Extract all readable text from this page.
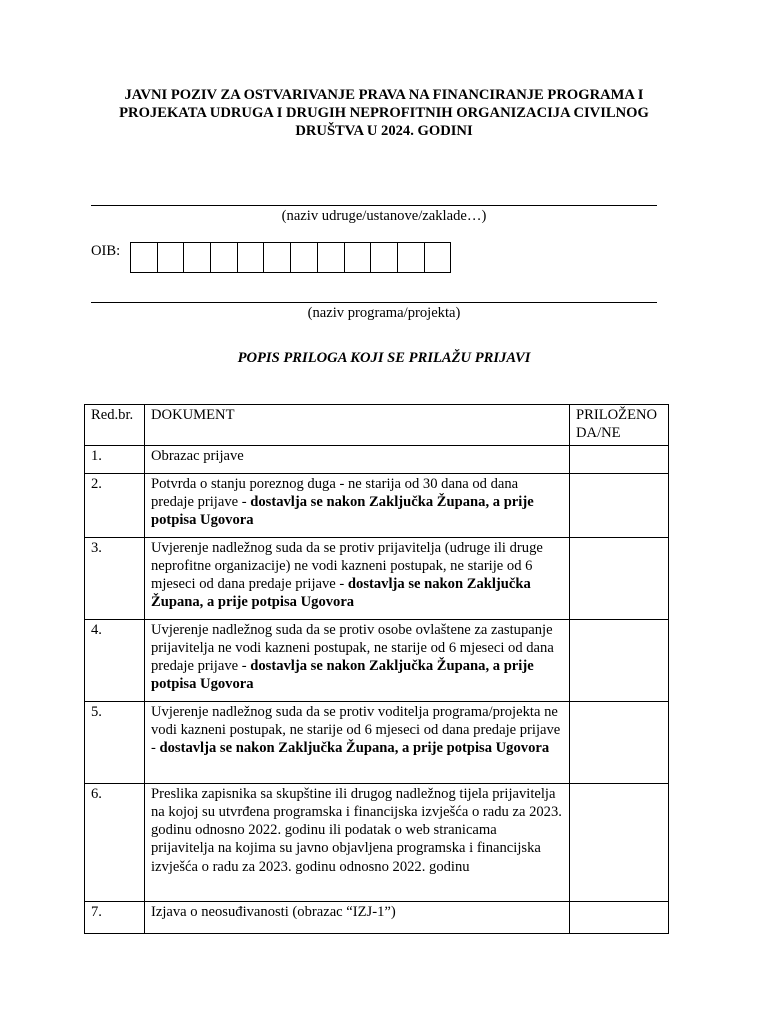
JAVNI POZIV ZA OSTVARIVANJE PRAVA NA FINANCIRANJE PROGRAMA I
PROJEKATA UDRUGA I DRUGIH NEPROFITNIH ORGANIZACIJA CIVILNOG
DRUŠTVA U 2024. GODINI
(naziv udruge/ustanove/zaklade…)
OIB:
(naziv programa/projekta)
POPIS PRILOGA KOJI SE PRILAŽU PRIJAVI
Red.br.	DOKUMENT	PRILOŽENO DA/NE
1.	Obrazac prijave	
2.	Potvrda o stanju poreznog duga - ne starija od 30 dana od dana predaje prijave - dostavlja se nakon Zaključka Župana, a prije potpisa Ugovora	
3.	Uvjerenje nadležnog suda da se protiv prijavitelja (udruge ili druge neprofitne organizacije) ne vodi kazneni postupak, ne starije od 6 mjeseci od dana predaje prijave - dostavlja se nakon Zaključka Župana, a prije potpisa Ugovora	
4.	Uvjerenje nadležnog suda da se protiv osobe ovlaštene za zastupanje prijavitelja ne vodi kazneni postupak, ne starije od 6 mjeseci od dana predaje prijave - dostavlja se nakon Zaključka Župana, a prije potpisa Ugovora	
5.	Uvjerenje nadležnog suda da se protiv voditelja programa/projekta ne vodi kazneni postupak, ne starije od 6 mjeseci od dana predaje prijave - dostavlja se nakon Zaključka Župana, a prije potpisa Ugovora	
6.	Preslika zapisnika sa skupštine ili drugog nadležnog tijela prijavitelja na kojoj su utvrđena programska i financijska izvješća o radu za 2023. godinu odnosno 2022. godinu ili podatak o web stranicama prijavitelja na kojima su javno objavljena programska i financijska izvješća o radu za 2023. godinu odnosno 2022. godinu	
7.	Izjava o neosuđivanosti (obrazac “IZJ-1”)	
